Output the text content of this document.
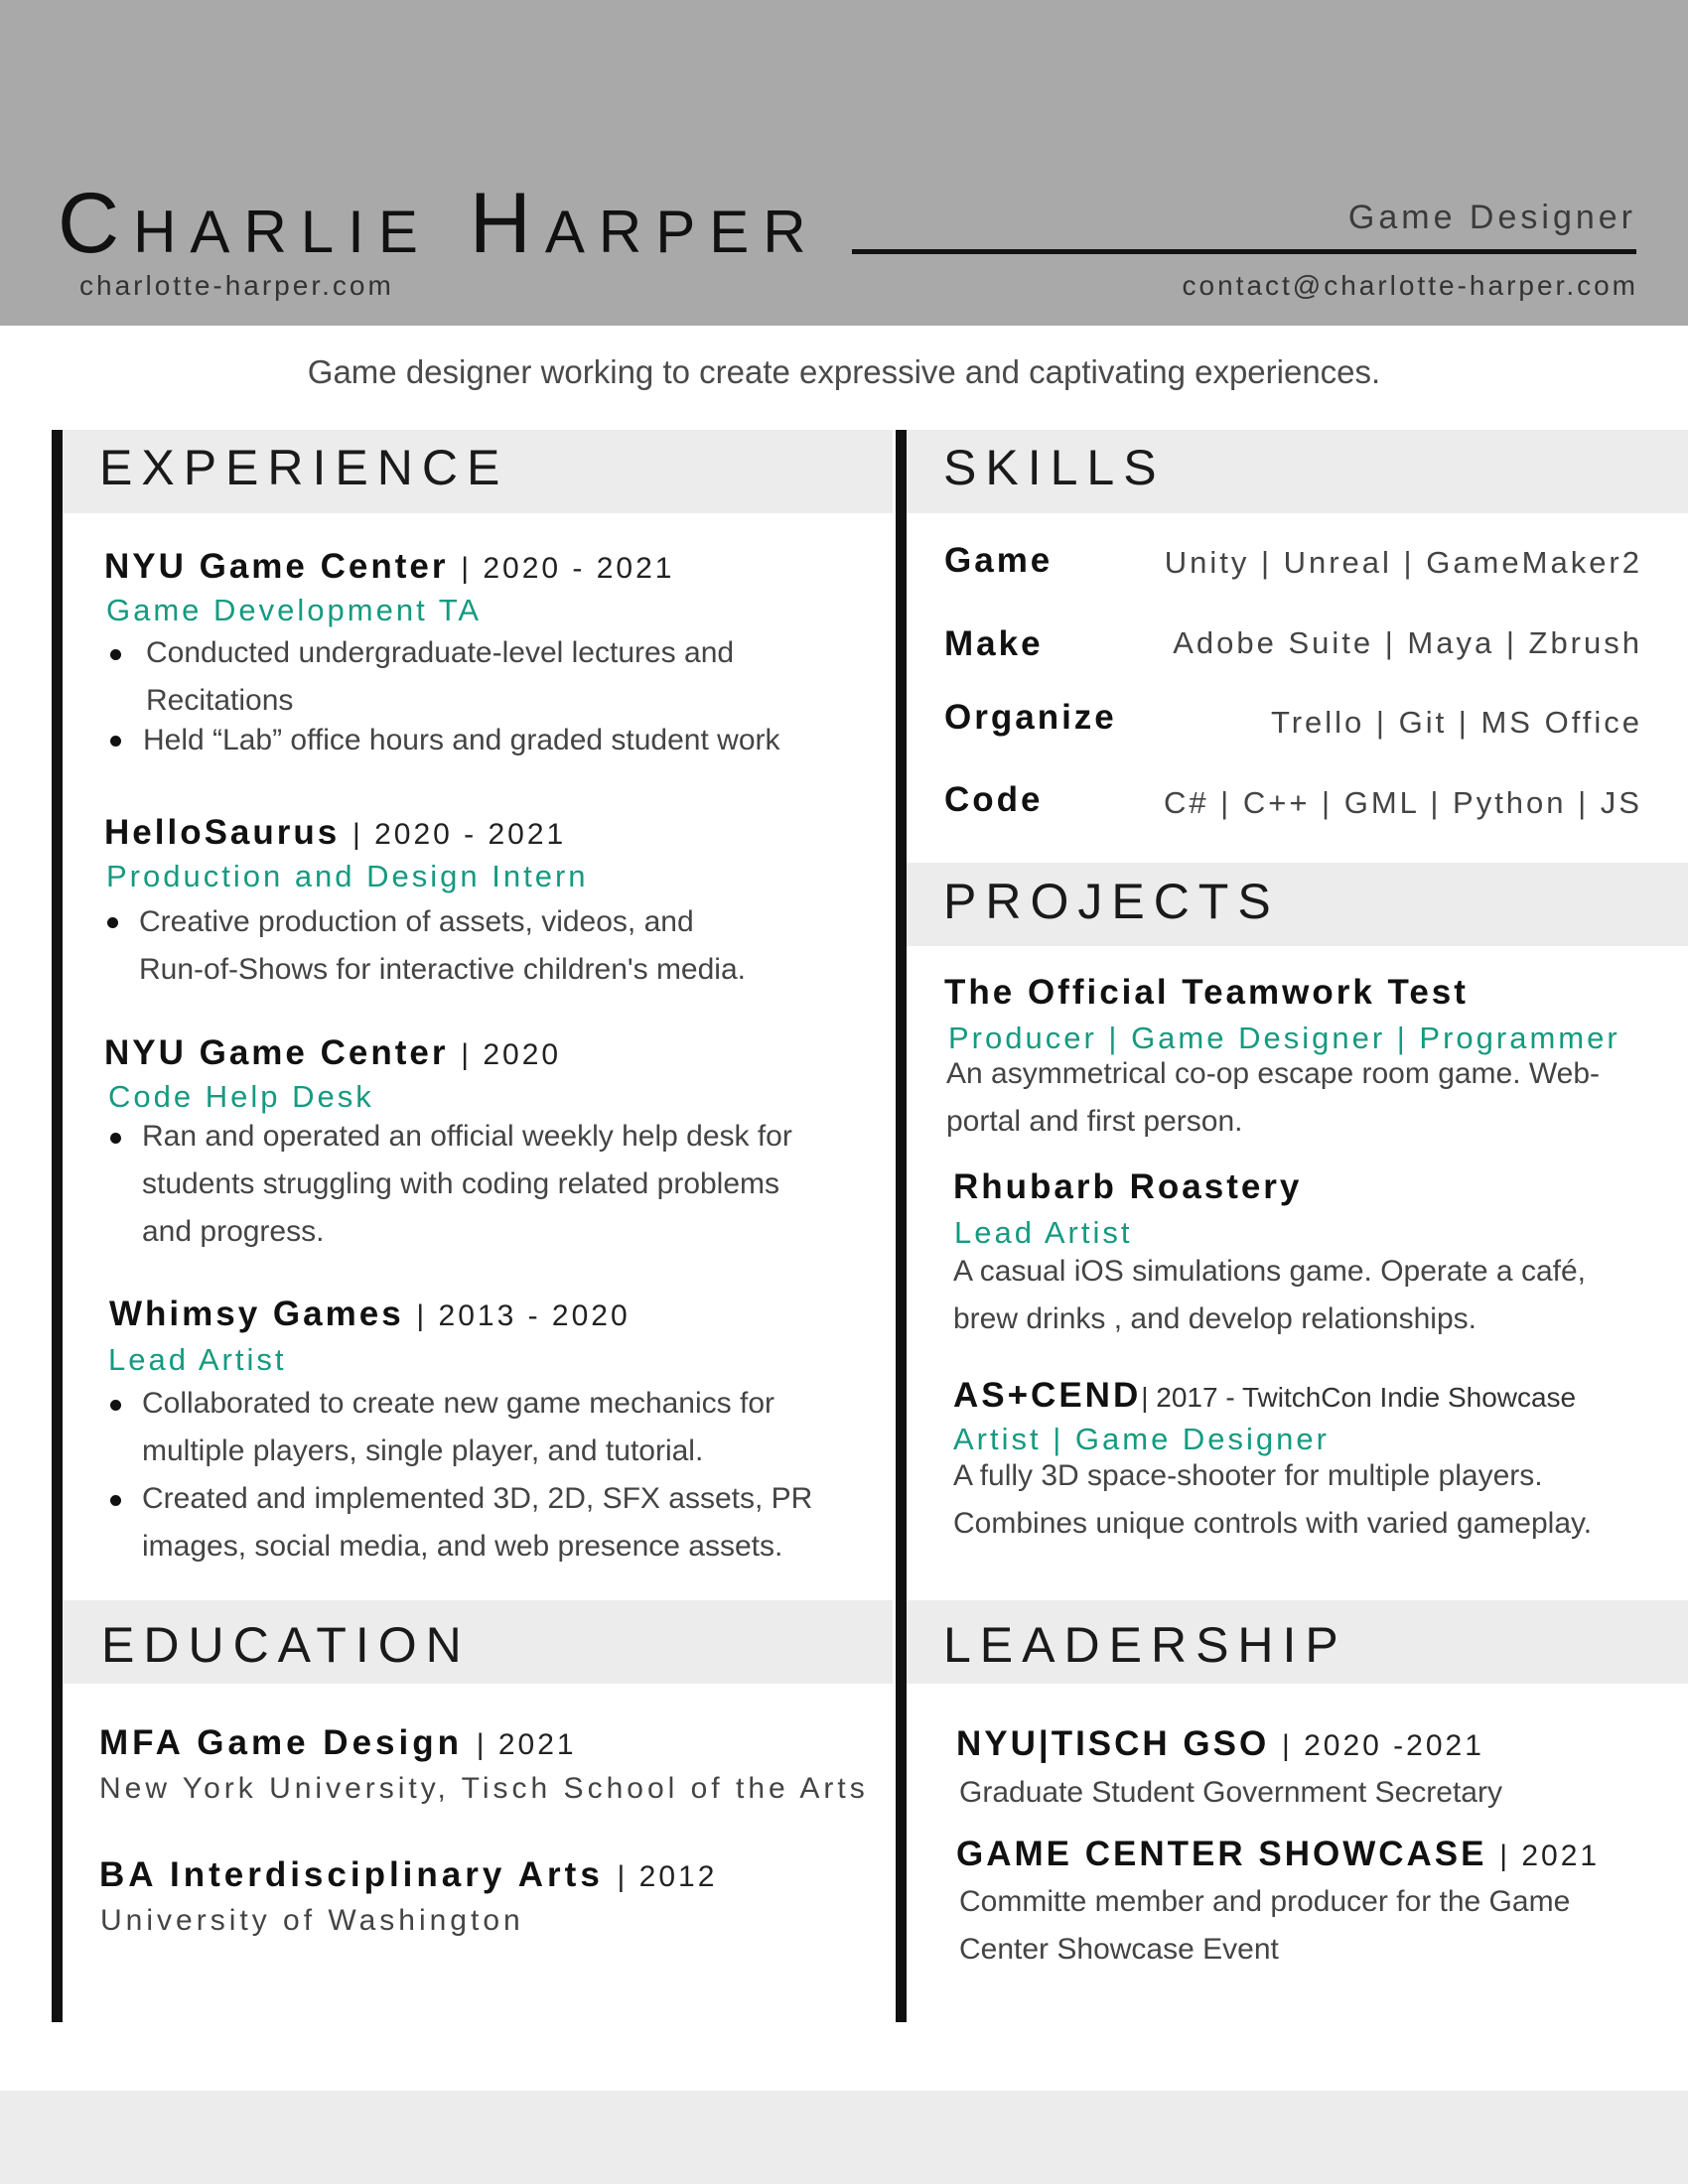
Charlie Harper	Game Designer
charlotte-harper.com	contact@charlotte-harper.com
Game designer working to create expressive and captivating experiences.
EXPERIENCE
NYU Game Center | 2020 - 2021
Game Development TA
Conducted undergraduate-level lectures and
Recitations
Held “Lab” office hours and graded student work
HelloSaurus | 2020 - 2021
Production and Design Intern
Creative production of assets, videos, and
Run-of-Shows for interactive children's media.
NYU Game Center | 2020
Code Help Desk
Ran and operated an official weekly help desk for
students struggling with coding related problems
and progress.
Whimsy Games | 2013 - 2020
Lead Artist
Collaborated to create new game mechanics for
multiple players, single player, and tutorial.
Created and implemented 3D, 2D, SFX assets, PR
images, social media, and web presence assets.
EDUCATION
MFA Game Design | 2021
New York University, Tisch School of the Arts
BA Interdisciplinary Arts | 2012
University of Washington
SKILLS
Game	Unity | Unreal | GameMaker2
Make	Adobe Suite | Maya | Zbrush
Organize	Trello | Git | MS Office
Code	C# | C++ | GML | Python | JS
PROJECTS
The Official Teamwork Test
Producer | Game Designer | Programmer
An asymmetrical co-op escape room game. Web-
portal and first person.
Rhubarb Roastery
Lead Artist
A casual iOS simulations game. Operate a café,
brew drinks , and develop relationships.
AS+CEND| 2017 - TwitchCon Indie Showcase
Artist | Game Designer
A fully 3D space-shooter for multiple players.
Combines unique controls with varied gameplay.
LEADERSHIP
NYU|TISCH GSO | 2020 -2021
Graduate Student Government Secretary
GAME CENTER SHOWCASE | 2021
Committe member and producer for the Game
Center Showcase Event
